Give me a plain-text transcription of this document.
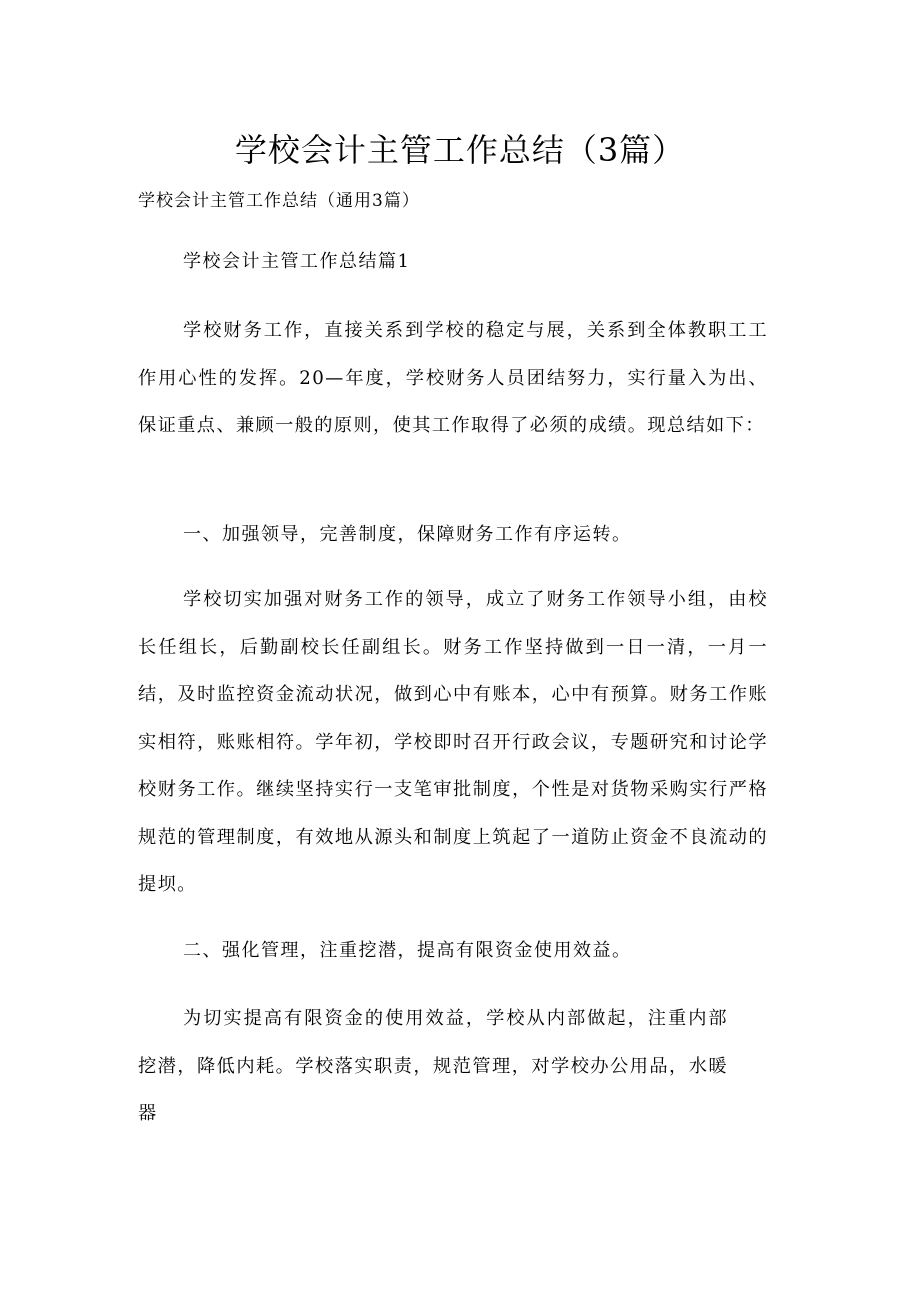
学校会计主管工作总结（3篇）

学校会计主管工作总结（通用3篇）

学校会计主管工作总结篇1

学校财务工作，直接关系到学校的稳定与展，关系到全体教职工工作用心性的发挥。20—年度，学校财务人员团结努力，实行量入为出、保证重点、兼顾一般的原则，使其工作取得了必须的成绩。现总结如下：

一、加强领导，完善制度，保障财务工作有序运转。

学校切实加强对财务工作的领导，成立了财务工作领导小组，由校长任组长，后勤副校长任副组长。财务工作坚持做到一日一清，一月一结，及时监控资金流动状况，做到心中有账本，心中有预算。财务工作账实相符，账账相符。学年初，学校即时召开行政会议，专题研究和讨论学校财务工作。继续坚持实行一支笔审批制度，个性是对货物采购实行严格规范的管理制度，有效地从源头和制度上筑起了一道防止资金不良流动的提坝。

二、强化管理，注重挖潜，提高有限资金使用效益。

为切实提高有限资金的使用效益，学校从内部做起，注重内部挖潜，降低内耗。学校落实职责，规范管理，对学校办公用品，水暖器
